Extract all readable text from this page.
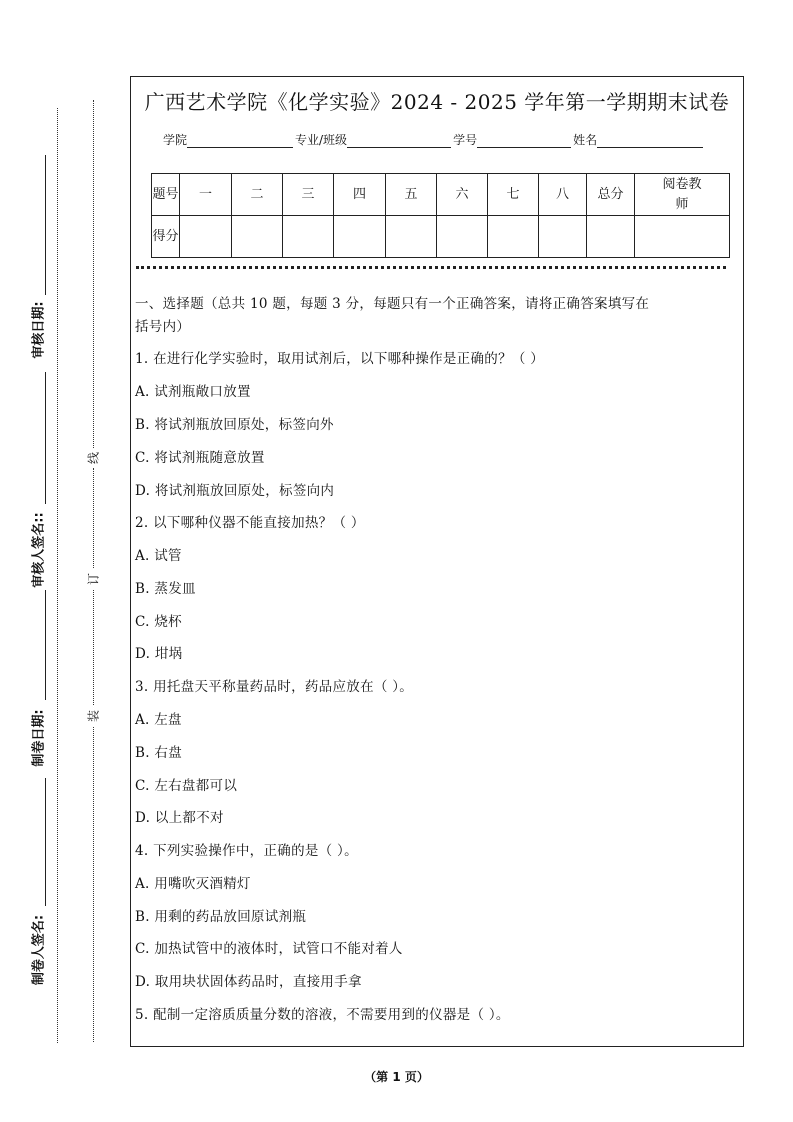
审核日期:
审核人签名::
制卷日期:
制卷人签名:
线
订
装
广西艺术学院《化学实验》2024 - 2025 学年第一学期期末试卷
学院	专业/班级	学号	姓名
题号	一	二	三	四	五	六	七	八	总分	阅卷教师

得分										
一、选择题（总共 10 题，每题 3 分，每题只有一个正确答案，请将正确答案填写在
括号内）
1. 在进行化学实验时，取用试剂后，以下哪种操作是正确的？（ ）
A. 试剂瓶敞口放置
B. 将试剂瓶放回原处，标签向外
C. 将试剂瓶随意放置
D. 将试剂瓶放回原处，标签向内
2. 以下哪种仪器不能直接加热？（ ）
A. 试管
B. 蒸发皿
C. 烧杯
D. 坩埚
3. 用托盘天平称量药品时，药品应放在（ ）。
A. 左盘
B. 右盘
C. 左右盘都可以
D. 以上都不对
4. 下列实验操作中，正确的是（ ）。
A. 用嘴吹灭酒精灯
B. 用剩的药品放回原试剂瓶
C. 加热试管中的液体时，试管口不能对着人
D. 取用块状固体药品时，直接用手拿
5. 配制一定溶质质量分数的溶液，不需要用到的仪器是（ ）。
（第 1 页）
